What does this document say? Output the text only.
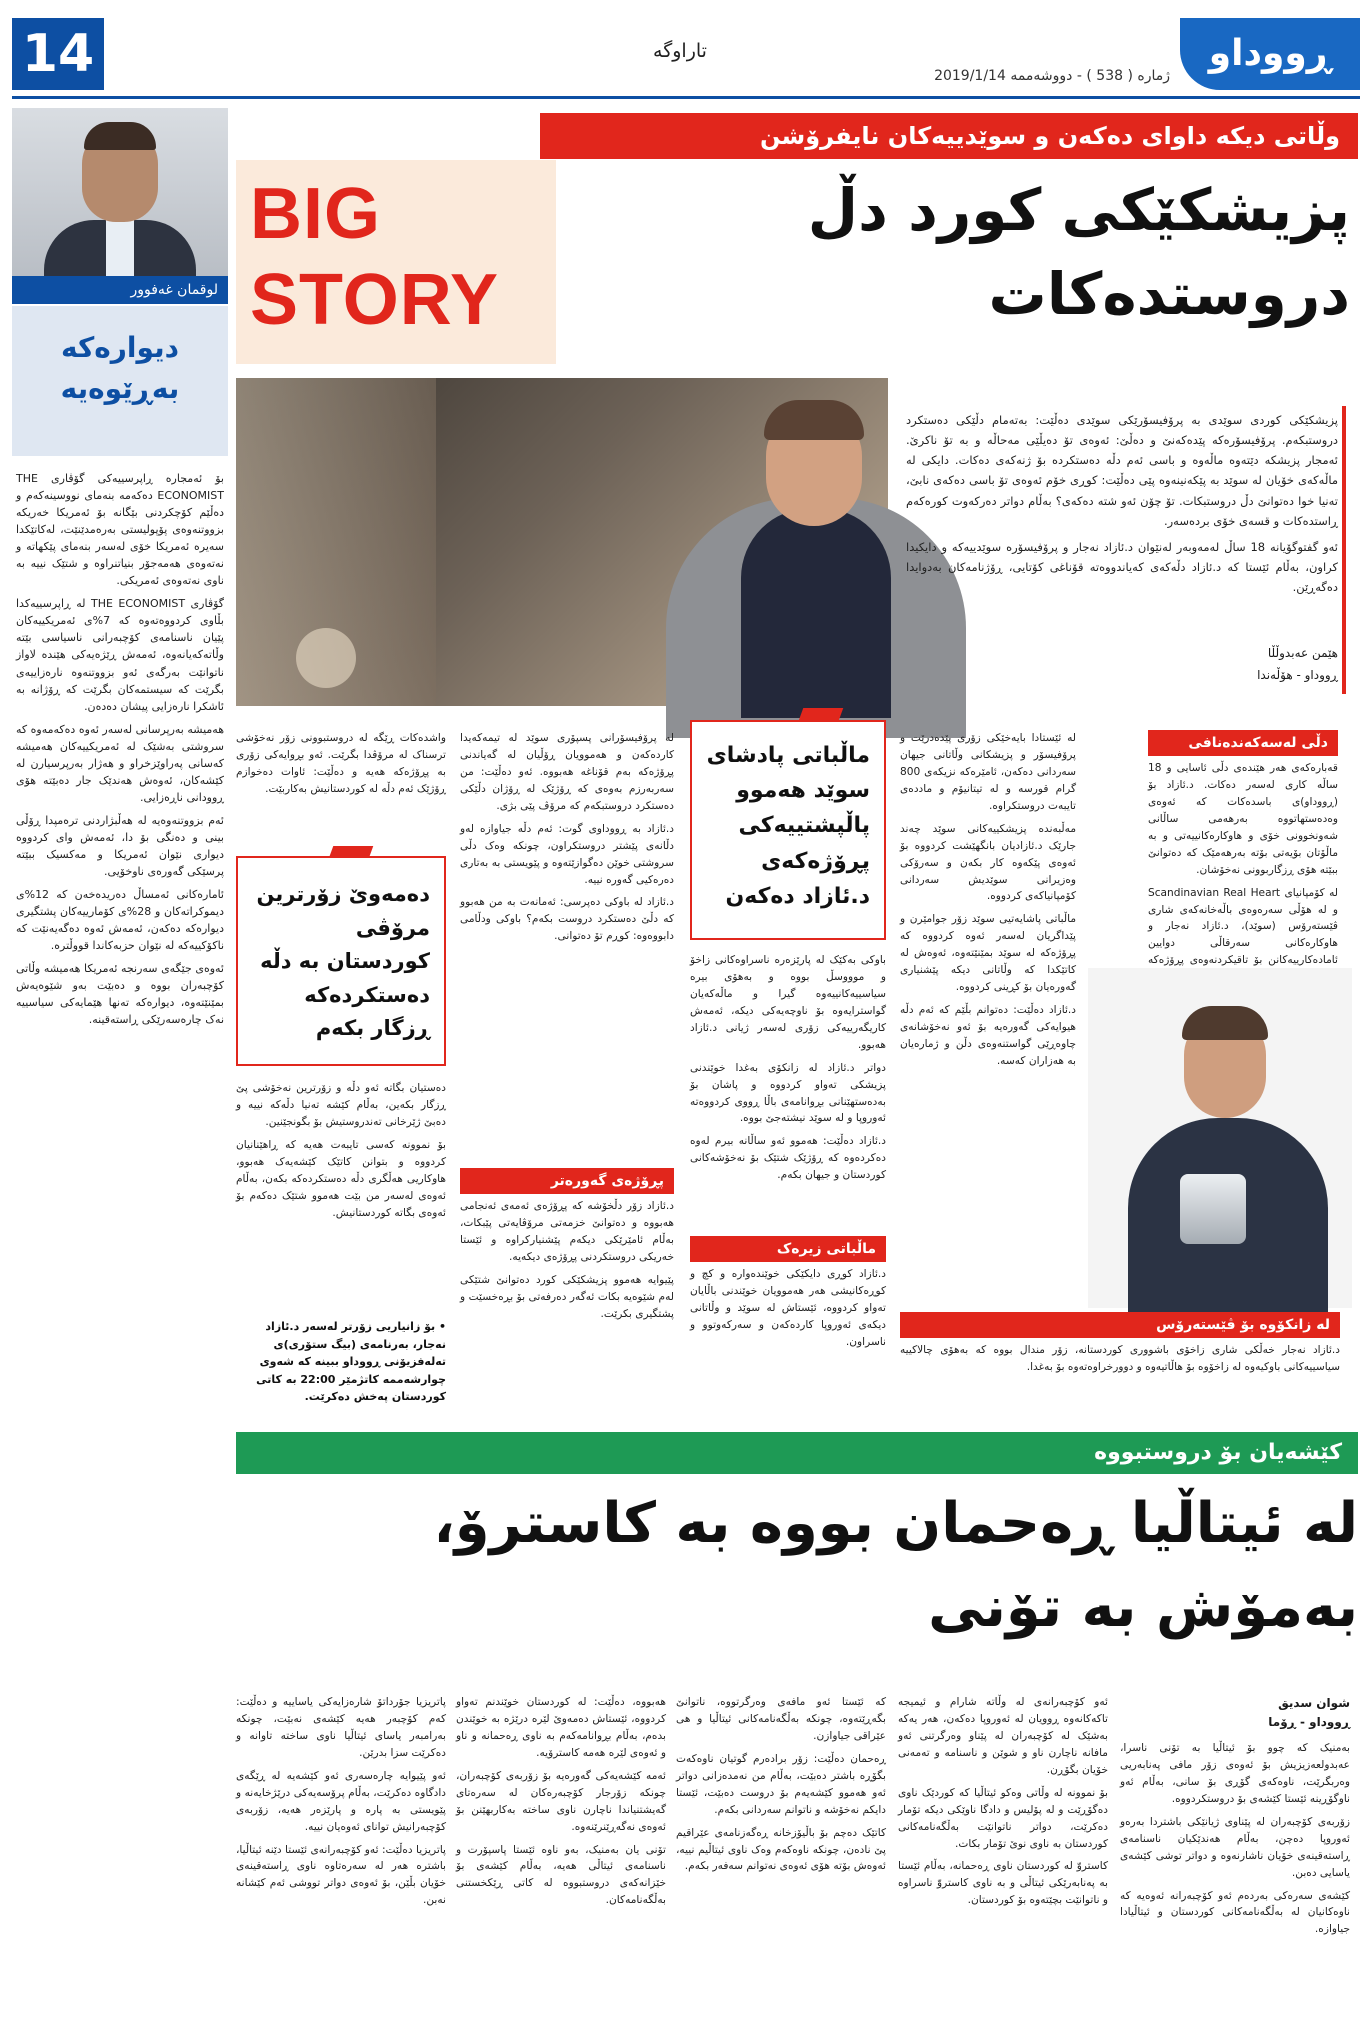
14	تاراوگە	ڕووداو
ژمارە ( 538 ) - دووشەممە 2019/1/14
لوقمان غەفوور
دیوارەکە بەڕێوەیە

بۆ ئەمجارە ڕاپرسییەکی گۆڤاری THE ECONOMIST دەکەمە بنەمای نووسینەکەم و دەڵێم کۆچکردنی بێگانە بۆ ئەمریکا خەریکە بزووتنەوەی پۆپولیستی بەرەمدێنێت، لەکاتێکدا سەیرە ئەمریکا خۆی لەسەر بنەمای پێکهاتە و نەتەوەی هەمەجۆر بنیاتنراوە و شتێک نییە بە ناوی نەتەوەی ئەمریکی.

گۆڤاری THE ECONOMIST لە ڕاپرسییەکدا بڵاوی کردووەتەوە کە 7%ی ئەمریکییەکان پێیان ناسنامەی کۆچبەرانی ناسیاسی بێتە وڵاتەکەیانەوە، ئەمەش ڕێژەیەکی هێندە لاواز ناتوانێت بەرگەی ئەو بزووتنەوە نارەزاییەی بگرێت کە سیستمەکان بگرێت کە ڕۆژانە بە ئاشکرا نارەزایی پیشان دەدەن.

هەمیشە بەرپرسانی لەسەر ئەوە دەکەمەوە کە سروشتی بەشێک لە ئەمریکییەکان هەمیشە کەسانی پەراوێزخراو و هەژار بەرپرسیارن لە کێشەکان، ئەوەش هەندێک جار دەبێتە هۆی ڕوودانی ناڕەزایی.

ئەم بزووتنەوەیە لە هەڵبژاردنی ترەمپدا ڕۆڵی بینی و دەنگی بۆ دا، ئەمەش وای کردووە دیواری نێوان ئەمریکا و مەکسیک ببێتە پرسێکی گەورەی ناوخۆیی.

ئامارەکانی ئەمساڵ دەریدەخەن کە 12%ی دیموکراتەکان و 28%ی کۆمارییەکان پشتگیری دیوارەکە دەکەن، ئەمەش ئەوە دەگەیەنێت کە ناکۆکییەکە لە نێوان حزبەکاندا قووڵترە.

ئەوەی جێگەی سەرنجە ئەمریکا هەمیشە وڵاتی کۆچبەران بووە و دەبێت بەو شێوەیەش بمێنێتەوە، دیوارەکە تەنها هێمایەکی سیاسییە نەک چارەسەرێکی ڕاستەقینە.

وڵاتی دیکە داوای دەکەن و سوێدییەکان نایفرۆشن
BIG
STORY
پزیشکێکی کورد دڵ دروستدەکات

پزیشکێکی کوردی سوێدی بە پرۆفیسۆرێکی سوێدی دەڵێت: بەتەمام دڵێکی دەستکرد دروستبکەم. پرۆفیسۆرەکە پێدەکەنێ و دەڵێ: ئەوەی تۆ دەیڵێی مەحاڵە و بە تۆ ناکرێ. ئەمجار پزیشکە دێتەوە ماڵەوە و باسی ئەم دڵە دەستکردە بۆ ژنەکەی دەکات. دایکی لە ماڵەکەی خۆیان لە سوێد بە پێکەنینەوە پێی دەڵێت: کوڕی خۆم ئەوەی تۆ باسی دەکەی نابێ، تەنیا خوا دەتوانێ دڵ دروستبکات. تۆ چۆن ئەو شتە دەکەی؟ بەڵام دواتر دەرکەوت کورەکەم ڕاستدەکات و قسەی خۆی بردەسەر.

ئەو گفتوگۆیانە 18 ساڵ لەمەوبەر لەنێوان د.ئازاد نەجار و پرۆفیسۆرە سوێدییەکە و دایکیدا کراون، بەڵام ئێستا کە د.ئازاد دڵەکەی کەیاندووەتە قۆناغی کۆتایی، ڕۆژنامەکان بەدوایدا دەگەڕێن.

هێمن عەبدوڵڵا
ڕووداو - هۆڵەندا
دڵی لەسەکەندەنافی

قەبارەکەی هەر هێندەی دڵی ئاسایی و 18 ساڵە کاری لەسەر دەکات. د.ئازاد بۆ (ڕووداو)ی باسدەکات کە ئەوەی وەدەستهاتووە بەرهەمی ساڵانی شەونخوونی خۆی و هاوکارەکانییەتی و بە ماڵۆتان بۆیەتی بۆتە بەرهەمێک کە دەتوانێ ببێتە هۆی ڕزگاربوونی نەخۆشان.

لە کۆمپانیای Scandinavian Real Heart و لە هۆڵی سەرەوەی باڵەخانەکەی شاری ڤێستەرۆس (سوێد)، د.ئازاد نەجار و هاوکارەکانی سەرقاڵی دوایین ئامادەکارییەکانن بۆ تاقیکردنەوەی پڕۆژەکە

لە زانکۆوە بۆ ڤێستەرۆس

د.ئازاد نەجار خەڵکی شاری زاخۆی باشووری کوردستانە، زۆر مندال بووە کە بەهۆی چالاکییە سیاسییەکانی باوکیەوە لە زاخۆوە بۆ هاڵاتیەوە و دوورخراوەتەوە بۆ بەغدا.

لە ئێستادا بایەخێکی زۆری پێدەدرێت و پرۆفیسۆر و پزیشکانی وڵاتانی جیهان سەردانی دەکەن، ئامێرەکە نزیکەی 800 گرام قورسە و لە تیتانیۆم و ماددەی تایبەت دروستکراوە.

مەڵبەندە پزیشکییەکانی سوێد چەند جارێک د.ئازادیان بانگهێشت کردووە بۆ ئەوەی پێکەوە کار بکەن و سەرۆکی وەزیرانی سوێدیش سەردانی کۆمپانیاکەی کردووە.

ماڵباتی پاشایەتیی سوێد زۆر جوامێرن و پێداگریان لەسەر ئەوە کردووە کە پڕۆژەکە لە سوێد بمێنێتەوە، ئەوەش لە کاتێکدا کە وڵاتانی دیکە پێشنیاری گەورەیان بۆ کڕینی کردووە.

د.ئازاد دەڵێت: دەتوانم بڵێم کە ئەم دڵە هیوایەکی گەورەیە بۆ ئەو نەخۆشانەی چاوەڕێی گواستنەوەی دڵن و ژمارەیان بە هەزاران کەسە.

ماڵباتی پادشای سوێد هەموو پاڵپشتییەکی پڕۆژەکەی د.ئازاد دەکەن

باوکی بەکێک لە پارێزەرە ناسراوەکانی زاخۆ و موووسڵ بووە و بەهۆی بیرە سیاسییەکانییەوە گیرا و ماڵەکەیان گواسترایەوە بۆ ناوچەیەکی دیکە، ئەمەش کاریگەرییەکی زۆری لەسەر ژیانی د.ئازاد هەبوو.

دواتر د.ئازاد لە زانکۆی بەغدا خوێندنی پزیشکی تەواو کردووە و پاشان بۆ بەدەستهێنانی بڕوانامەی باڵا ڕووی کردووەتە ئەوروپا و لە سوێد نیشتەجێ بووە.

د.ئازاد دەڵێت: هەموو ئەو ساڵانە بیرم لەوە دەکردەوە کە ڕۆژێک شتێک بۆ نەخۆشەکانی کوردستان و جیهان بکەم.

ماڵباتی زیرەک

د.ئازاد کوڕی دایکێکی خوێندەوارە و کچ و کوڕەکانیشی هەر هەموویان خوێندنی باڵایان تەواو کردووە، ئێستاش لە سوێد و وڵاتانی دیکەی ئەوروپا کاردەکەن و سەرکەوتوو و ناسراون.

لە پرۆفیسۆرانی پسپۆری سوێد لە تیمەکەیدا کاردەکەن و هەموویان ڕۆڵیان لە گەیاندنی پڕۆژەکە بەم قۆناغە هەبووە. ئەو دەڵێت: من سەربەرزم بەوەی کە ڕۆژێک لە ڕۆژان دڵێکی دەستکرد دروستبکەم کە مرۆڤ پێی بژی.

د.ئازاد بە ڕووداوی گوت: ئەم دڵە جیاوازە لەو دڵانەی پێشتر دروستکراون، چونکە وەک دڵی سروشتی خوێن دەگوازێتەوە و پێویستی بە بەتاری دەرەکیی گەورە نییە.

د.ئازاد لە باوکی دەپرسی: ئەمانەت بە من هەبوو کە دڵێ دەستکرد دروست بکەم؟ باوکی ودڵامی دابووەوە: کوڕم تۆ دەتوانی.

پڕۆژەی گەورەتر

د.ئازاد زۆر دڵخۆشە کە پڕۆژەی ئەمەی ئەنجامی هەبووە و دەتوانێ خزمەتی مرۆڤایەتی پێبکات، بەڵام ئامێرێکی دیکەم پێشنیارکراوە و ئێستا خەریکی دروستکردنی پڕۆژەی دیکەیە.

پێیوایە هەموو پزیشکێکی کورد دەتوانێ شتێکی لەم شێوەیە بکات ئەگەر دەرفەتی بۆ بڕەخسێت و پشتگیری بکرێت.

واشدەکات ڕێگە لە دروستبوونی زۆر نەخۆشی ترسناک لە مرۆڤدا بگرێت. ئەو بڕوایەکی زۆری بە پڕۆژەکە هەیە و دەڵێت: ئاوات دەخوازم ڕۆژێک ئەم دڵە لە کوردستانیش بەکاربێت.

دەمەوێ زۆرترین مرۆڤی کوردستان بە دڵە دەستکردەکە ڕزگار بکەم

دەستیان بگاتە ئەو دڵە و زۆرترین نەخۆشی پێ ڕزگار بکەین، بەڵام کێشە تەنیا دڵەکە نییە و دەبێ ژێرخانی تەندروستیش بۆ بگونجێنین.

بۆ نموونە کەسی تایبەت هەیە کە ڕاهێنانیان کردووە و بتوانن کاتێک کێشەیەک هەبوو، هاوکاریی هەڵگری دڵە دەستکردەکە بکەن، بەڵام ئەوەی لەسەر من بێت هەموو شتێک دەکەم بۆ ئەوەی بگاتە کوردستانیش.

• بۆ زانیاریی زۆرتر لەسەر د.ئازاد نەجار، بەرنامەی (بیگ ستۆری)ی تەلەفزیۆنی ڕووداو ببینە کە شەوی چوارشەممە کاتژمێر 22:00 بە کاتی کوردستان پەخش دەکرێت.
کێشەیان بۆ دروستبووە
لە ئیتاڵیا ڕەحمان بووە بە کاسترۆ، بەمۆش بە تۆنی
شوان سدیق
ڕووداو - ڕۆما

بەمنیک کە چوو بۆ ئیتاڵیا بە تۆنی ناسرا، عەبدولعەزیزیش بۆ ئەوەی زۆر مافی پەنابەریی وەربگرێت، ناوەکەی گۆڕی بۆ سانی، بەڵام ئەو ناوگۆڕینە ئێستا کێشەی بۆ دروستکردووە.

زۆربەی کۆچبەران لە پێناوی ژیانێکی باشتردا بەرەو ئەوروپا دەچن، بەڵام هەندێکیان ناسنامەی ڕاستەقینەی خۆیان ناشارنەوە و دواتر توشی کێشەی یاسایی دەبن.

کێشەی سەرەکی بەردەم ئەو کۆچبەرانە ئەوەیە کە ناوەکانیان لە بەڵگەنامەکانی کوردستان و ئیتاڵیادا جیاوازە.

ئەو کۆچبەرانەی لە وڵاتە شارام و ئیمیجە تاکەکانەوە ڕوویان لە ئەوروپا دەکەن، هەر یەکە بەشێک لە کۆچبەران لە پێناو وەرگرتنی ئەو مافانە ناچارن ناو و شوێن و ناسنامە و تەمەنی خۆیان بگۆڕن.

بۆ نموونە لە وڵاتی وەکو ئیتاڵیا کە کوردێک ناوی دەگۆڕێت و لە پۆلیس و دادگا ناوێکی دیکە تۆمار دەکرێت، دواتر ناتوانێت بەڵگەنامەکانی کوردستان بە ناوی نوێ تۆمار بکات.

کاستروّ لە کوردستان ناوی ڕەحمانە، بەڵام ئێستا بە پەنابەرێکی ئیتاڵی و بە ناوی کاستروّ ناسراوە و ناتوانێت بچێتەوە بۆ کوردستان.

کە ئێستا ئەو مافەی وەرگرتووە، ناتوانێ بگەڕێتەوە، چونکە بەڵگەنامەکانی ئیتاڵیا و هی عێراقی جیاوازن.

ڕەحمان دەڵێت: زۆر برادەرم گوتیان ناوەکەت بگۆڕە باشتر دەبێت، بەڵام من نەمدەزانی دواتر ئەو هەموو کێشەیەم بۆ دروست دەبێت، ئێستا دایکم نەخۆشە و ناتوانم سەردانی بکەم.

کاتێک دەچم بۆ باڵیۆزخانە ڕەگەزنامەی عێراقیم پێ نادەن، چونکە ناوەکەم وەک ناوی ئیتاڵیم نییە، ئەوەش بۆتە هۆی ئەوەی نەتوانم سەفەر بکەم.

هەبووە، دەڵێت: لە کوردستان خوێندنم تەواو کردووە، ئێستاش دەمەوێ لێرە درێژە بە خوێندن بدەم، بەڵام بڕوانامەکەم بە ناوی ڕەحمانە و ناو و ئەوەی لێرە هەمە کاسترۆیە.

ئەمە کێشەیەکی گەورەیە بۆ زۆربەی کۆچبەران، چونکە زۆرجار کۆچبەرەکان لە سەرەتای گەیشتنیاندا ناچارن ناوی ساختە بەکاربهێنن بۆ ئەوەی نەگەڕێنرێنەوە.

تۆنی یان بەمنیک، بەو ناوە ئێستا پاسپۆرت و ناسنامەی ئیتاڵی هەیە، بەڵام کێشەی بۆ خێزانەکەی دروستبووە لە کاتی ڕێکخستنی بەڵگەنامەکان.

پاتریزیا جۆرداتۆ شارەزایەکی یاساییە و دەڵێت: کەم کۆچبەر هەیە کێشەی نەبێت، چونکە بەرامبەر یاسای ئیتاڵیا ناوی ساختە تاوانە و دەکرێت سزا بدرێن.

ئەو پێیوایە چارەسەری ئەو کێشەیە لە ڕێگەی دادگاوە دەکرێت، بەڵام پرۆسەیەکی درێژخایەنە و پێویستی بە پارە و پارێزەر هەیە، زۆربەی کۆچبەرانیش توانای ئەوەیان نییە.

پاتریزیا دەڵێت: ئەو کۆچبەرانەی ئێستا دێنە ئیتاڵیا، باشترە هەر لە سەرەتاوە ناوی ڕاستەقینەی خۆیان بڵێن، بۆ ئەوەی دواتر تووشی ئەم کێشانە نەبن.
